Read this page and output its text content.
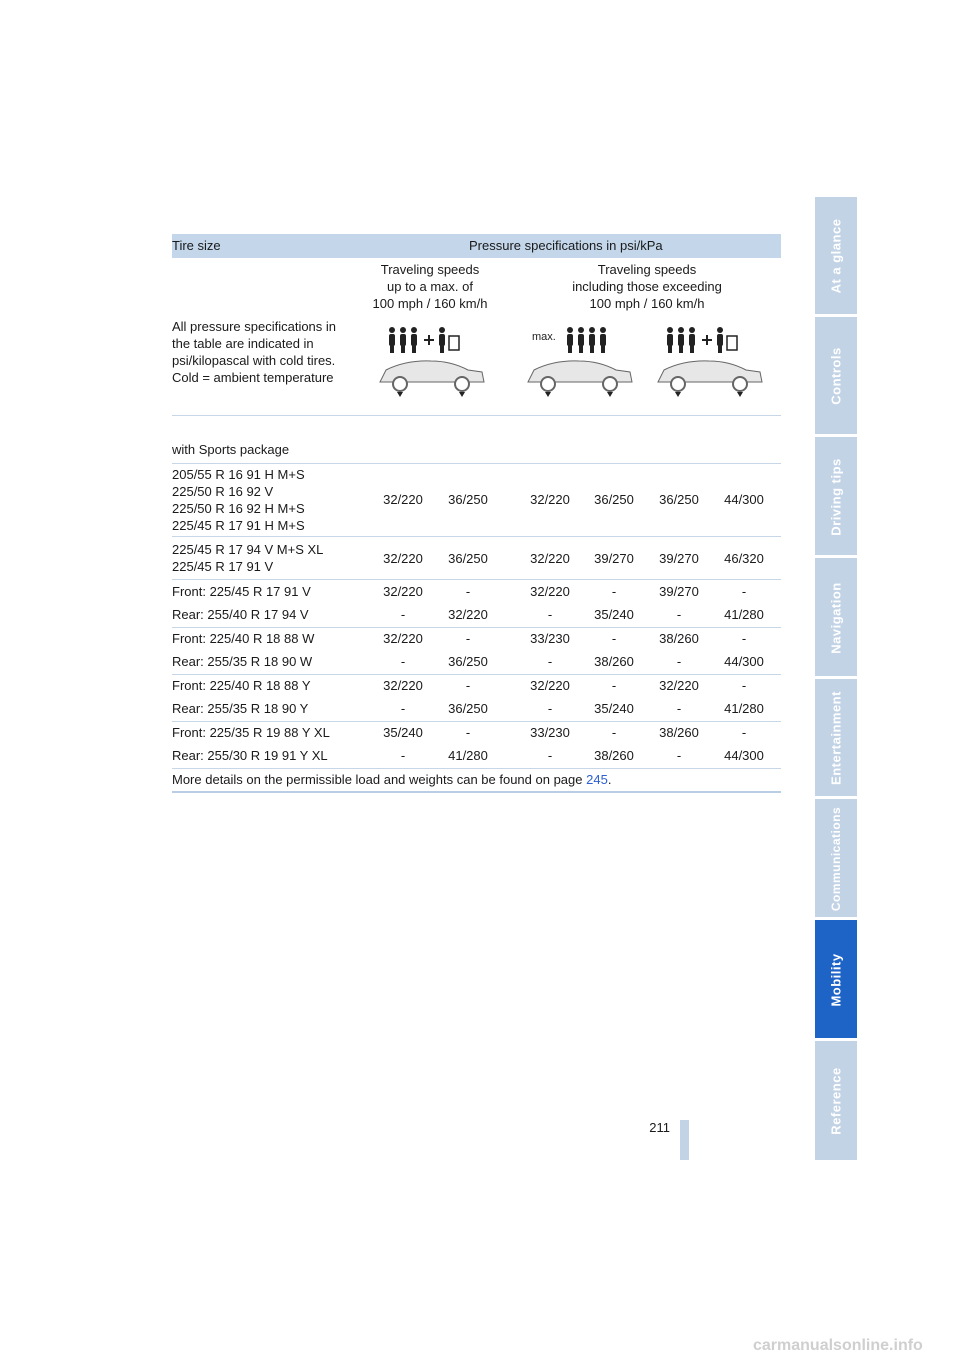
Tire size	Pressure specifications in psi/kPa
Traveling speeds
up to a max. of
100 mph / 160 km/h
Traveling speeds
including those exceeding
100 mph / 160 km/h
All pressure specifications in
the table are indicated in
psi/kilopascal with cold tires.
Cold = ambient temperature
max.
with Sports package
205/55 R 16 91 H M+S
225/50 R 16 92 V
225/50 R 16 92 H M+S
225/45 R 17 91 H M+S
32/220	36/250	32/220	36/250	36/250	44/300
225/45 R 17 94 V M+S XL
225/45 R 17 91 V
32/220	36/250	32/220	39/270	39/270	46/320
Front: 225/45 R 17 91 V	32/220	-	32/220	-	39/270	-
Rear: 255/40 R 17 94 V	-	32/220	-	35/240	-	41/280
Front: 225/40 R 18 88 W	32/220	-	33/230	-	38/260	-
Rear: 255/35 R 18 90 W	-	36/250	-	38/260	-	44/300
Front: 225/40 R 18 88 Y	32/220	-	32/220	-	32/220	-
Rear: 255/35 R 18 90 Y	-	36/250	-	35/240	-	41/280
Front: 225/35 R 19 88 Y XL	35/240	-	33/230	-	38/260	-
Rear: 255/30 R 19 91 Y XL	-	41/280	-	38/260	-	44/300
More details on the permissible load and weights can be found on page 245.
At a glance
Controls
Driving tips
Navigation
Entertainment
Communications
Mobility
Reference
211
carmanualsonline.info
